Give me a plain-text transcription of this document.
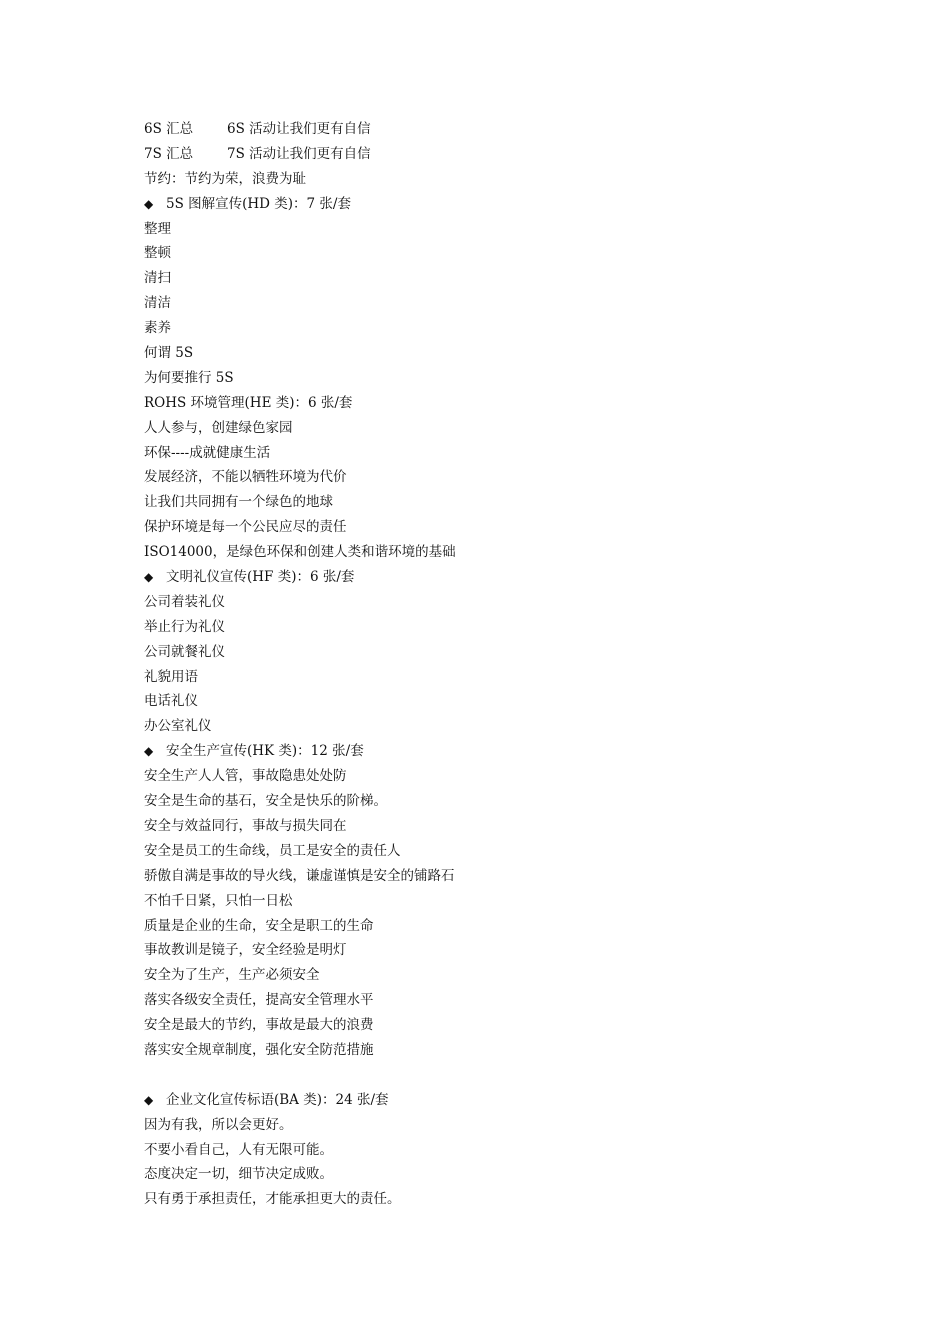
6S 汇总	6S 活动让我们更有自信
7S 汇总	7S 活动让我们更有自信
节约：节约为荣，浪费为耻
◆ 5S 图解宣传(HD 类)：7 张/套
整理
整顿
清扫
清洁
素养
何谓 5S
为何要推行 5S
ROHS 环境管理(HE 类)：6 张/套
人人参与，创建绿色家园
环保----成就健康生活
发展经济，不能以牺牲环境为代价
让我们共同拥有一个绿色的地球
保护环境是每一个公民应尽的责任
ISO14000，是绿色环保和创建人类和谐环境的基础
◆ 文明礼仪宣传(HF 类)：6 张/套
公司着装礼仪
举止行为礼仪
公司就餐礼仪
礼貌用语
电话礼仪
办公室礼仪
◆ 安全生产宣传(HK 类)：12 张/套
安全生产人人管，事故隐患处处防
安全是生命的基石，安全是快乐的阶梯。
安全与效益同行，事故与损失同在
安全是员工的生命线，员工是安全的责任人
骄傲自满是事故的导火线，谦虚谨慎是安全的铺路石
不怕千日紧，只怕一日松
质量是企业的生命，安全是职工的生命
事故教训是镜子，安全经验是明灯
安全为了生产，生产必须安全
落实各级安全责任，提高安全管理水平
安全是最大的节约，事故是最大的浪费
落实安全规章制度，强化安全防范措施
◆ 企业文化宣传标语(BA 类)：24 张/套
因为有我，所以会更好。
不要小看自己，人有无限可能。
态度决定一切，细节决定成败。
只有勇于承担责任，才能承担更大的责任。
